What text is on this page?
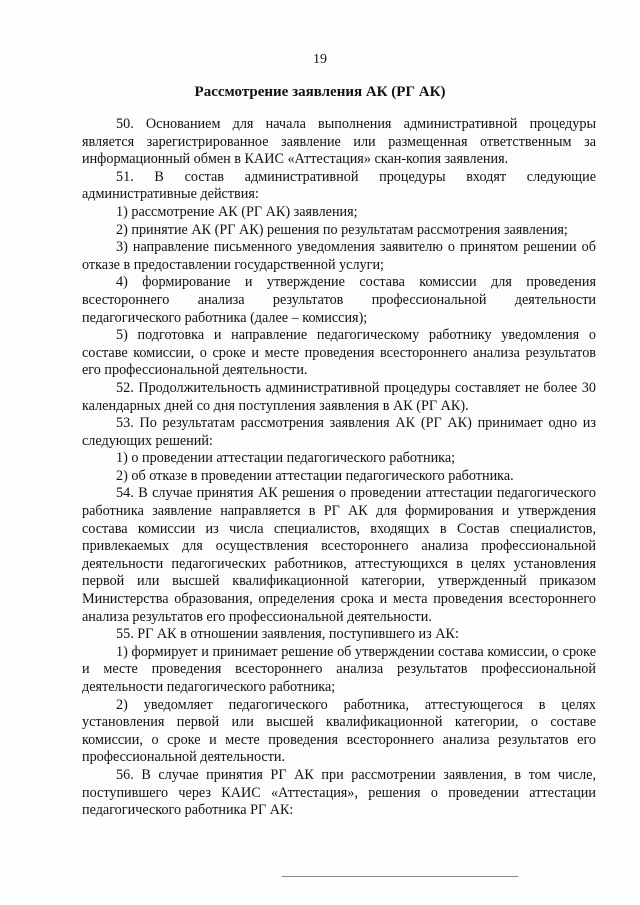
19
Рассмотрение заявления АК (РГ АК)

50. Основанием для начала выполнения административной процедуры является зарегистрированное заявление или размещенная ответственным за информационный обмен в КАИС «Аттестация» скан-копия заявления.

51. В состав административной процедуры входят следующие административные действия:

1) рассмотрение АК (РГ АК) заявления;

2) принятие АК (РГ АК) решения по результатам рассмотрения заявления;

3) направление письменного уведомления заявителю о принятом решении об отказе в предоставлении государственной услуги;

4) формирование и утверждение состава комиссии для проведения всестороннего анализа результатов профессиональной деятельности педагогического работника (далее – комиссия);

5) подготовка и направление педагогическому работнику уведомления о составе комиссии, о сроке и месте проведения всестороннего анализа результатов его профессиональной деятельности.

52. Продолжительность административной процедуры составляет не более 30 календарных дней со дня поступления заявления в АК (РГ АК).

53. По результатам рассмотрения заявления АК (РГ АК) принимает одно из следующих решений:

1) о проведении аттестации педагогического работника;

2) об отказе в проведении аттестации педагогического работника.

54. В случае принятия АК решения о проведении аттестации педагогического работника заявление направляется в РГ АК для формирования и утверждения состава комиссии из числа специалистов, входящих в Состав специалистов, привлекаемых для осуществления всестороннего анализа профессиональной деятельности педагогических работников, аттестующихся в целях установления первой или высшей квалификационной категории, утвержденный приказом Министерства образования, определения срока и места проведения всестороннего анализа результатов его профессиональной деятельности.

55. РГ АК в отношении заявления, поступившего из АК:

1) формирует и принимает решение об утверждении состава комиссии, о сроке и месте проведения всестороннего анализа результатов профессиональной деятельности педагогического работника;

2) уведомляет педагогического работника, аттестующегося в целях установления первой или высшей квалификационной категории, о составе комиссии, о сроке и месте проведения всестороннего анализа результатов его профессиональной деятельности.

56. В случае принятия РГ АК при рассмотрении заявления, в том числе, поступившего через КАИС «Аттестация», решения о проведении аттестации педагогического работника РГ АК:
